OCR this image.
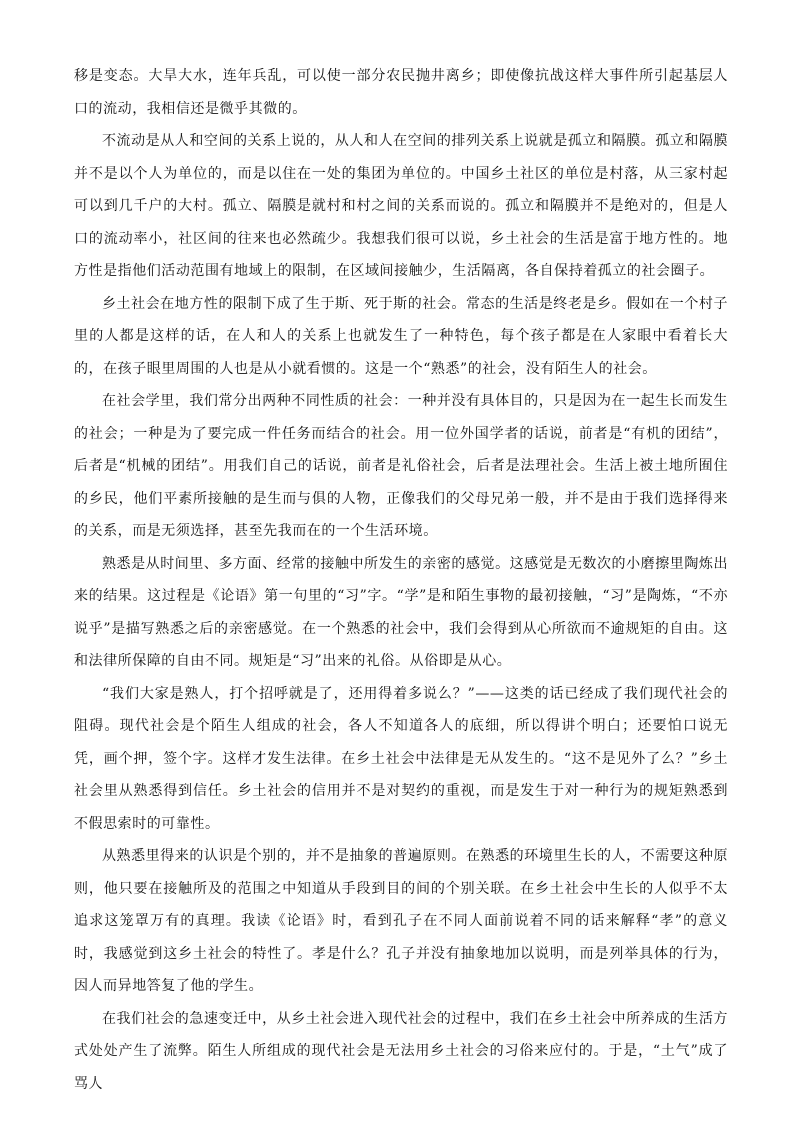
移是变态。大旱大水，连年兵乱，可以使一部分农民抛井离乡；即使像抗战这样大事件所引起基层人口的流动，我相信还是微乎其微的。

不流动是从人和空间的关系上说的，从人和人在空间的排列关系上说就是孤立和隔膜。孤立和隔膜并不是以个人为单位的，而是以住在一处的集团为单位的。中国乡土社区的单位是村落，从三家村起可以到几千户的大村。孤立、隔膜是就村和村之间的关系而说的。孤立和隔膜并不是绝对的，但是人口的流动率小，社区间的往来也必然疏少。我想我们很可以说，乡土社会的生活是富于地方性的。地方性是指他们活动范围有地域上的限制，在区域间接触少，生活隔离，各自保持着孤立的社会圈子。

乡土社会在地方性的限制下成了生于斯、死于斯的社会。常态的生活是终老是乡。假如在一个村子里的人都是这样的话，在人和人的关系上也就发生了一种特色，每个孩子都是在人家眼中看着长大的，在孩子眼里周围的人也是从小就看惯的。这是一个“熟悉”的社会，没有陌生人的社会。

在社会学里，我们常分出两种不同性质的社会：一种并没有具体目的，只是因为在一起生长而发生的社会；一种是为了要完成一件任务而结合的社会。用一位外国学者的话说，前者是“有机的团结”，后者是“机械的团结”。用我们自己的话说，前者是礼俗社会，后者是法理社会。生活上被土地所囿住的乡民，他们平素所接触的是生而与俱的人物，正像我们的父母兄弟一般，并不是由于我们选择得来的关系，而是无须选择，甚至先我而在的一个生活环境。

熟悉是从时间里、多方面、经常的接触中所发生的亲密的感觉。这感觉是无数次的小磨擦里陶炼出来的结果。这过程是《论语》第一句里的“习”字。“学”是和陌生事物的最初接触，“习”是陶炼，“不亦说乎”是描写熟悉之后的亲密感觉。在一个熟悉的社会中，我们会得到从心所欲而不逾规矩的自由。这和法律所保障的自由不同。规矩是“习”出来的礼俗。从俗即是从心。

“我们大家是熟人，打个招呼就是了，还用得着多说么？”——这类的话已经成了我们现代社会的阻碍。现代社会是个陌生人组成的社会，各人不知道各人的底细，所以得讲个明白；还要怕口说无凭，画个押，签个字。这样才发生法律。在乡土社会中法律是无从发生的。“这不是见外了么？”乡土社会里从熟悉得到信任。乡土社会的信用并不是对契约的重视，而是发生于对一种行为的规矩熟悉到不假思索时的可靠性。

从熟悉里得来的认识是个别的，并不是抽象的普遍原则。在熟悉的环境里生长的人，不需要这种原则，他只要在接触所及的范围之中知道从手段到目的间的个别关联。在乡土社会中生长的人似乎不太追求这笼罩万有的真理。我读《论语》时，看到孔子在不同人面前说着不同的话来解释“孝”的意义时，我感觉到这乡土社会的特性了。孝是什么？孔子并没有抽象地加以说明，而是列举具体的行为，因人而异地答复了他的学生。

在我们社会的急速变迁中，从乡土社会进入现代社会的过程中，我们在乡土社会中所养成的生活方式处处产生了流弊。陌生人所组成的现代社会是无法用乡土社会的习俗来应付的。于是，“土气”成了骂人
